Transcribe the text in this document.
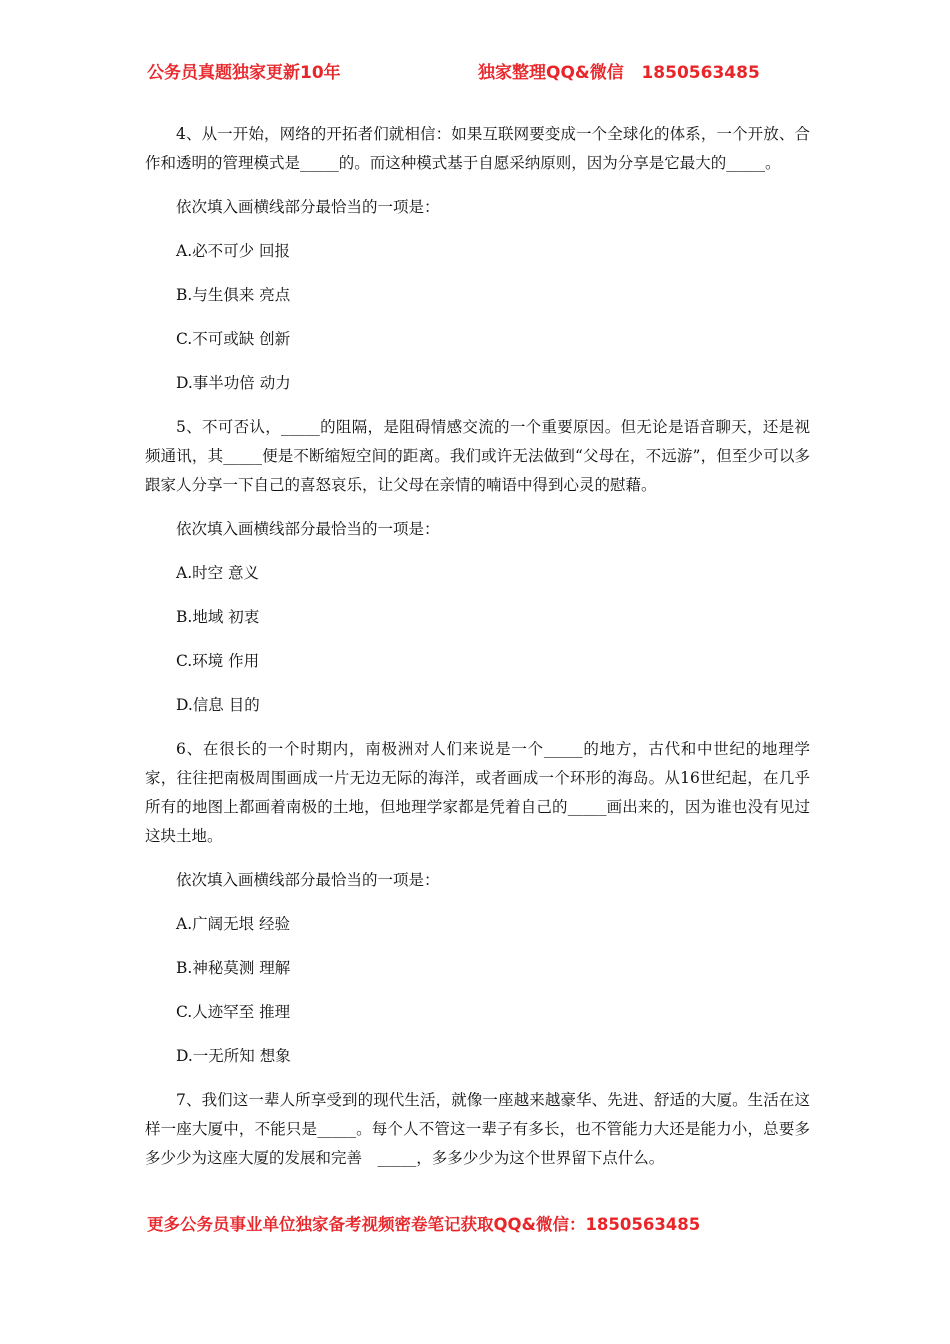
公务员真题独家更新10年	独家整理QQ&微信   1850563485

4、从一开始，网络的开拓者们就相信：如果互联网要变成一个全球化的体系，一个开放、合作和透明的管理模式是_____的。而这种模式基于自愿采纳原则，因为分享是它最大的_____。

依次填入画横线部分最恰当的一项是：

A.必不可少 回报

B.与生俱来 亮点

C.不可或缺 创新

D.事半功倍 动力

5、不可否认，_____的阻隔，是阻碍情感交流的一个重要原因。但无论是语音聊天，还是视频通讯，其_____便是不断缩短空间的距离。我们或许无法做到“父母在，不远游”，但至少可以多跟家人分享一下自己的喜怒哀乐，让父母在亲情的喃语中得到心灵的慰藉。

依次填入画横线部分最恰当的一项是：

A.时空 意义

B.地域 初衷

C.环境 作用

D.信息 目的

6、在很长的一个时期内，南极洲对人们来说是一个_____的地方，古代和中世纪的地理学家，往往把南极周围画成一片无边无际的海洋，或者画成一个环形的海岛。从16世纪起，在几乎所有的地图上都画着南极的土地，但地理学家都是凭着自己的_____画出来的，因为谁也没有见过这块土地。

依次填入画横线部分最恰当的一项是：

A.广阔无垠 经验

B.神秘莫测 理解

C.人迹罕至 推理

D.一无所知 想象

7、我们这一辈人所享受到的现代生活，就像一座越来越豪华、先进、舒适的大厦。生活在这样一座大厦中，不能只是_____。每个人不管这一辈子有多长，也不管能力大还是能力小，总要多多少少为这座大厦的发展和完善　_____，多多少少为这个世界留下点什么。

更多公务员事业单位独家备考视频密卷笔记获取QQ&微信：1850563485
